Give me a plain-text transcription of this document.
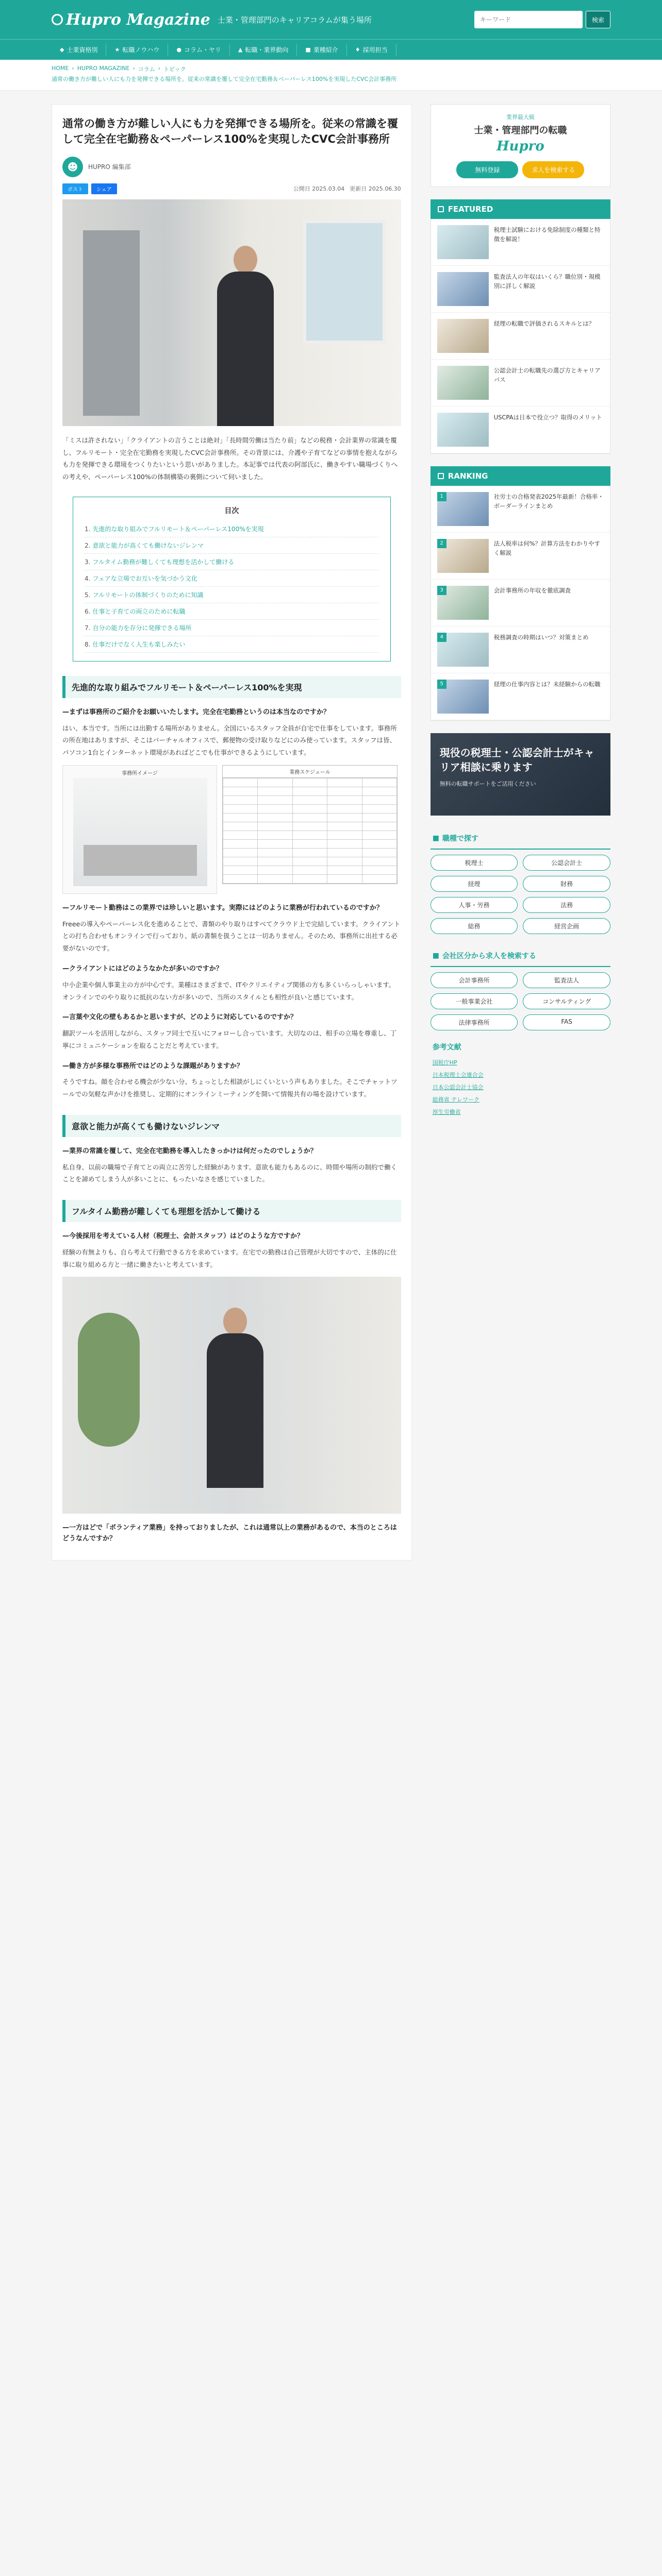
Hupro Magazine 士業・管理部門のキャリアコラムが集う場所
キーワード	検索
◆ 士業資格別	★ 転職ノウハウ	● コラム・ヤリ	▲ 転職・業界動向	■ 業種紹介	♦ 採用担当
HOME › HUPRO MAGAZINE › コラム › トピック
通常の働き方が難しい人にも力を発揮できる場所を。従来の常識を覆して完全在宅勤務＆ペーパーレス100%を実現したCVC会計事務所
通常の働き方が難しい人にも力を発揮できる場所を。従来の常識を覆して完全在宅勤務＆ペーパーレス100%を実現したCVC会計事務所
☻	HUPRO 編集部
ポスト	シェア	公開日 2025.03.04 更新日 2025.06.30

「ミスは許されない」「クライアントの言うことは絶対」「長時間労働は当たり前」などの税務・会計業界の常識を覆し、フルリモート・完全在宅勤務を実現したCVC会計事務所。その背景には、介護や子育てなどの事情を抱えながらも力を発揮できる環境をつくりたいという思いがありました。本記事では代表の阿部氏に、働きやすい職場づくりへの考えや、ペーパーレス100%の体制構築の裏側について伺いました。

目次
1. 先進的な取り組みでフルリモート＆ペーパーレス100%を実現
2. 意欲と能力が高くても働けないジレンマ
3. フルタイム勤務が難しくても理想を活かして働ける
4. フェアな立場でお互いを気づかう文化
5. フルリモートの体制づくりのために知識
6. 仕事と子育ての両立のために転職
7. 自分の能力を存分に発揮できる場所
8. 仕事だけでなく人生も楽しみたい
先進的な取り組みでフルリモート＆ペーパーレス100%を実現
—まずは事務所のご紹介をお願いいたします。完全在宅勤務というのは本当なのですか？

はい、本当です。当所には出勤する場所がありません。全国にいるスタッフ全員が自宅で仕事をしています。事務所の所在地はありますが、そこはバーチャルオフィスで、郵便物の受け取りなどにのみ使っています。スタッフは皆、パソコン1台とインターネット環境があればどこでも仕事ができるようにしています。

事務所イメージ	業務スケジュール

—フルリモート勤務はこの業界では珍しいと思います。実際にはどのように業務が行われているのですか？

Freeeの導入やペーパーレス化を進めることで、書類のやり取りはすべてクラウド上で完結しています。クライアントとの打ち合わせもオンラインで行っており、紙の書類を扱うことは一切ありません。そのため、事務所に出社する必要がないのです。

—クライアントにはどのようなかたが多いのですか？

中小企業や個人事業主の方が中心です。業種はさまざまで、ITやクリエイティブ関係の方も多くいらっしゃいます。オンラインでのやり取りに抵抗のない方が多いので、当所のスタイルとも相性が良いと感じています。

—言葉や文化の壁もあるかと思いますが、どのように対応しているのですか？

翻訳ツールを活用しながら、スタッフ同士で互いにフォローし合っています。大切なのは、相手の立場を尊重し、丁寧にコミュニケーションを取ることだと考えています。

—働き方が多様な事務所ではどのような課題がありますか？

そうですね。顔を合わせる機会が少ない分、ちょっとした相談がしにくいという声もありました。そこでチャットツールでの気軽な声かけを推奨し、定期的にオンラインミーティングを開いて情報共有の場を設けています。

意欲と能力が高くても働けないジレンマ
—業界の常識を覆して、完全在宅勤務を導入したきっかけは何だったのでしょうか？

私自身、以前の職場で子育てとの両立に苦労した経験があります。意欲も能力もあるのに、時間や場所の制約で働くことを諦めてしまう人が多いことに、もったいなさを感じていました。

フルタイム勤務が難しくても理想を活かして働ける
—今後採用を考えている人材（税理士、会計スタッフ）はどのような方ですか？

経験の有無よりも、自ら考えて行動できる方を求めています。在宅での勤務は自己管理が大切ですので、主体的に仕事に取り組める方と一緒に働きたいと考えています。

—一方はどで「ボランティア業務」を持っておりましたが、これは通常以上の業務があるので、本当のところはどうなんですか？
業界最大級
士業・管理部門の転職
Hupro
無料登録	求人を検索する
FEATURED
税理士試験における免除制度の種類と特徴を解説！
監査法人の年収はいくら？職位別・規模別に詳しく解説
経理の転職で評価されるスキルとは？
公認会計士の転職先の選び方とキャリアパス
USCPAは日本で役立つ？取得のメリット
RANKING
1	社労士の合格発表2025年最新！合格率・ボーダーラインまとめ
2	法人税率は何%？計算方法をわかりやすく解説
3	会計事務所の年収を徹底調査
4	税務調査の時期はいつ？対策まとめ
5	経理の仕事内容とは？未経験からの転職
現役の税理士・公認会計士がキャリア相談に乗ります
無料の転職サポートをご活用ください
■ 職種で探す
税理士	公認会計士
経理	財務
人事・労務	法務
総務	経営企画
■ 会社区分から求人を検索する
会計事務所	監査法人
一般事業会社	コンサルティング
法律事務所	FAS
参考文献
国税庁HP
日本税理士会連合会
日本公認会計士協会
総務省 テレワーク
厚生労働省
